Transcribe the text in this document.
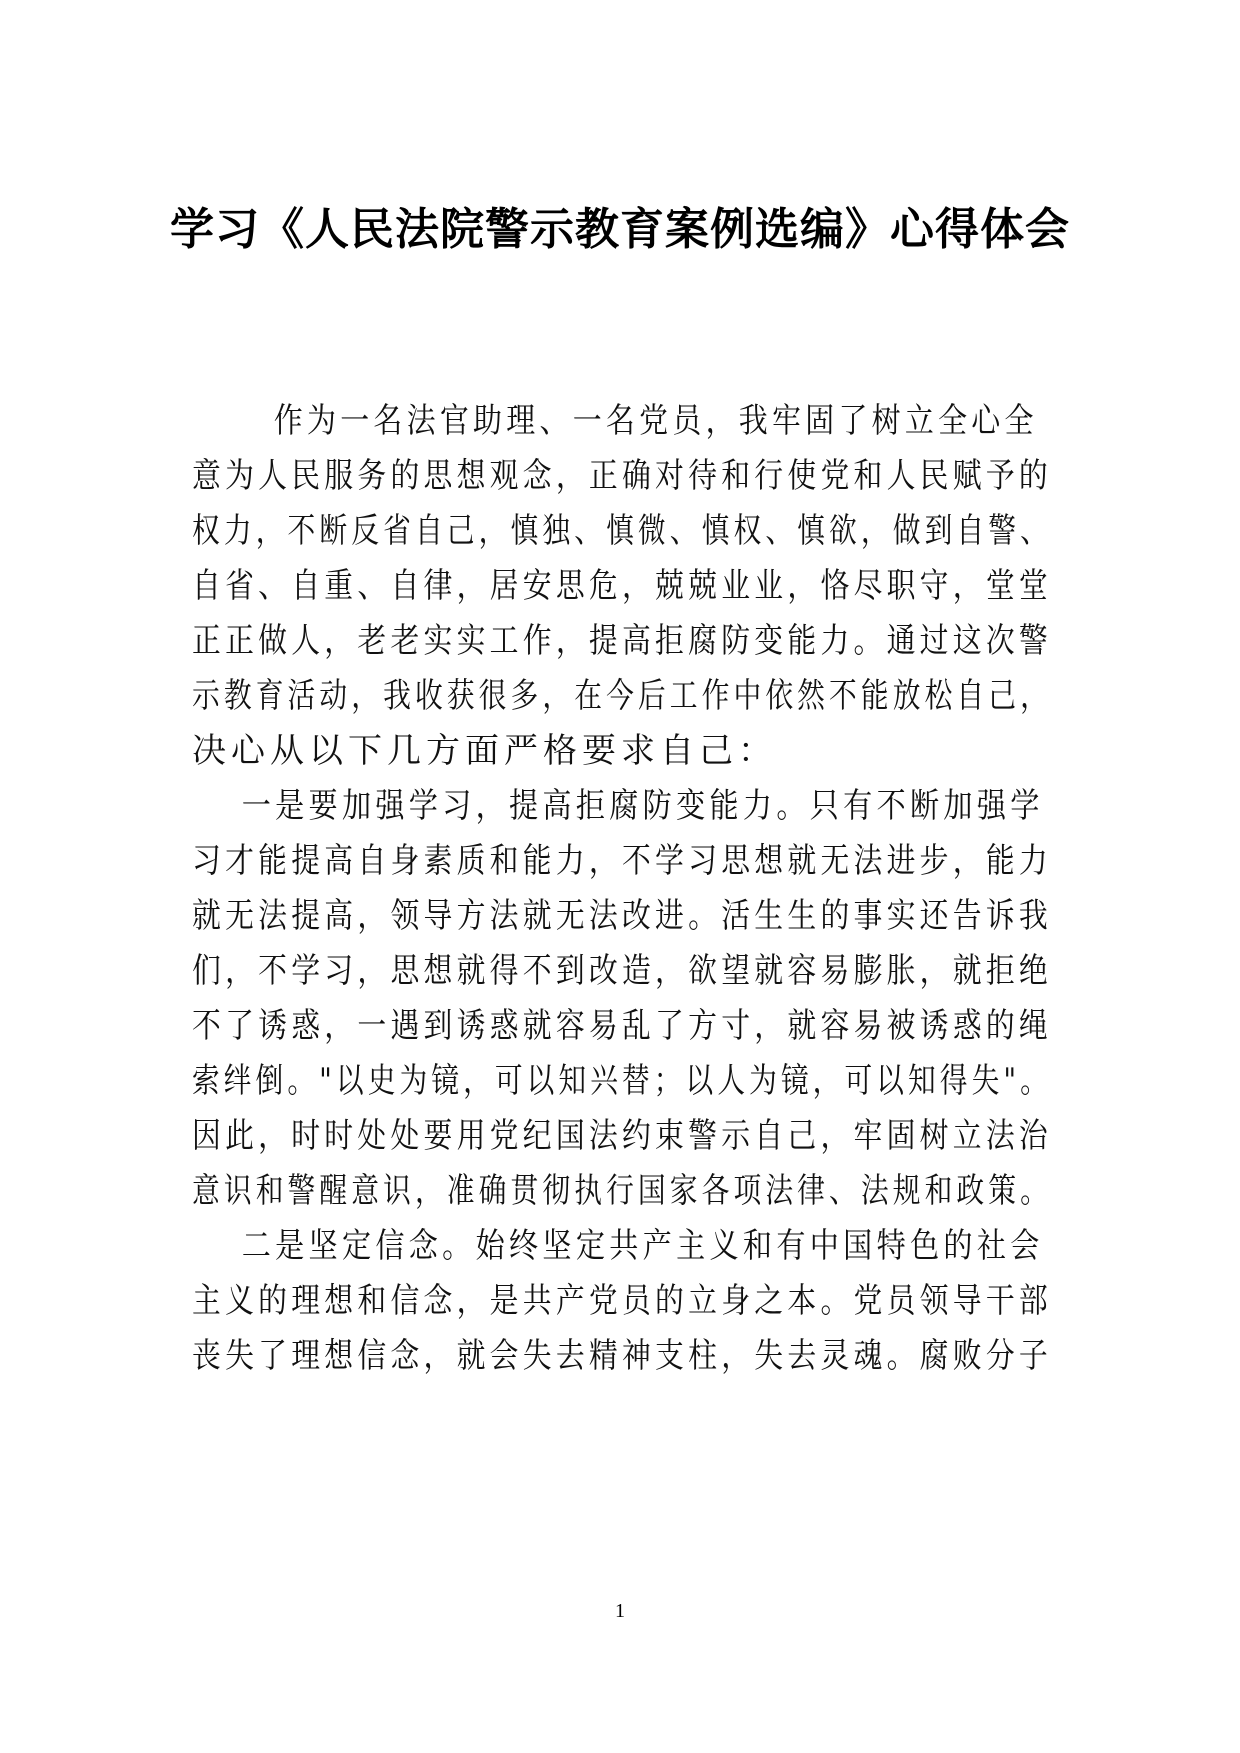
学习《人民法院警示教育案例选编》心得体会

作为一名法官助理、一名党员，我牢固了树立全心全

意为人民服务的思想观念，正确对待和行使党和人民赋予的

权力，不断反省自己，慎独、慎微、慎权、慎欲，做到自警、

自省、自重、自律，居安思危，兢兢业业，恪尽职守，堂堂

正正做人，老老实实工作，提高拒腐防变能力。通过这次警

示教育活动，我收获很多，在今后工作中依然不能放松自己，

决心从以下几方面严格要求自己：

一是要加强学习，提高拒腐防变能力。只有不断加强学

习才能提高自身素质和能力，不学习思想就无法进步，能力

就无法提高，领导方法就无法改进。活生生的事实还告诉我

们，不学习，思想就得不到改造，欲望就容易膨胀，就拒绝

不了诱惑，一遇到诱惑就容易乱了方寸，就容易被诱惑的绳

索绊倒。"以史为镜，可以知兴替；以人为镜，可以知得失"。

因此，时时处处要用党纪国法约束警示自己，牢固树立法治

意识和警醒意识，准确贯彻执行国家各项法律、法规和政策。

二是坚定信念。始终坚定共产主义和有中国特色的社会

主义的理想和信念，是共产党员的立身之本。党员领导干部

丧失了理想信念，就会失去精神支柱，失去灵魂。腐败分子

1
